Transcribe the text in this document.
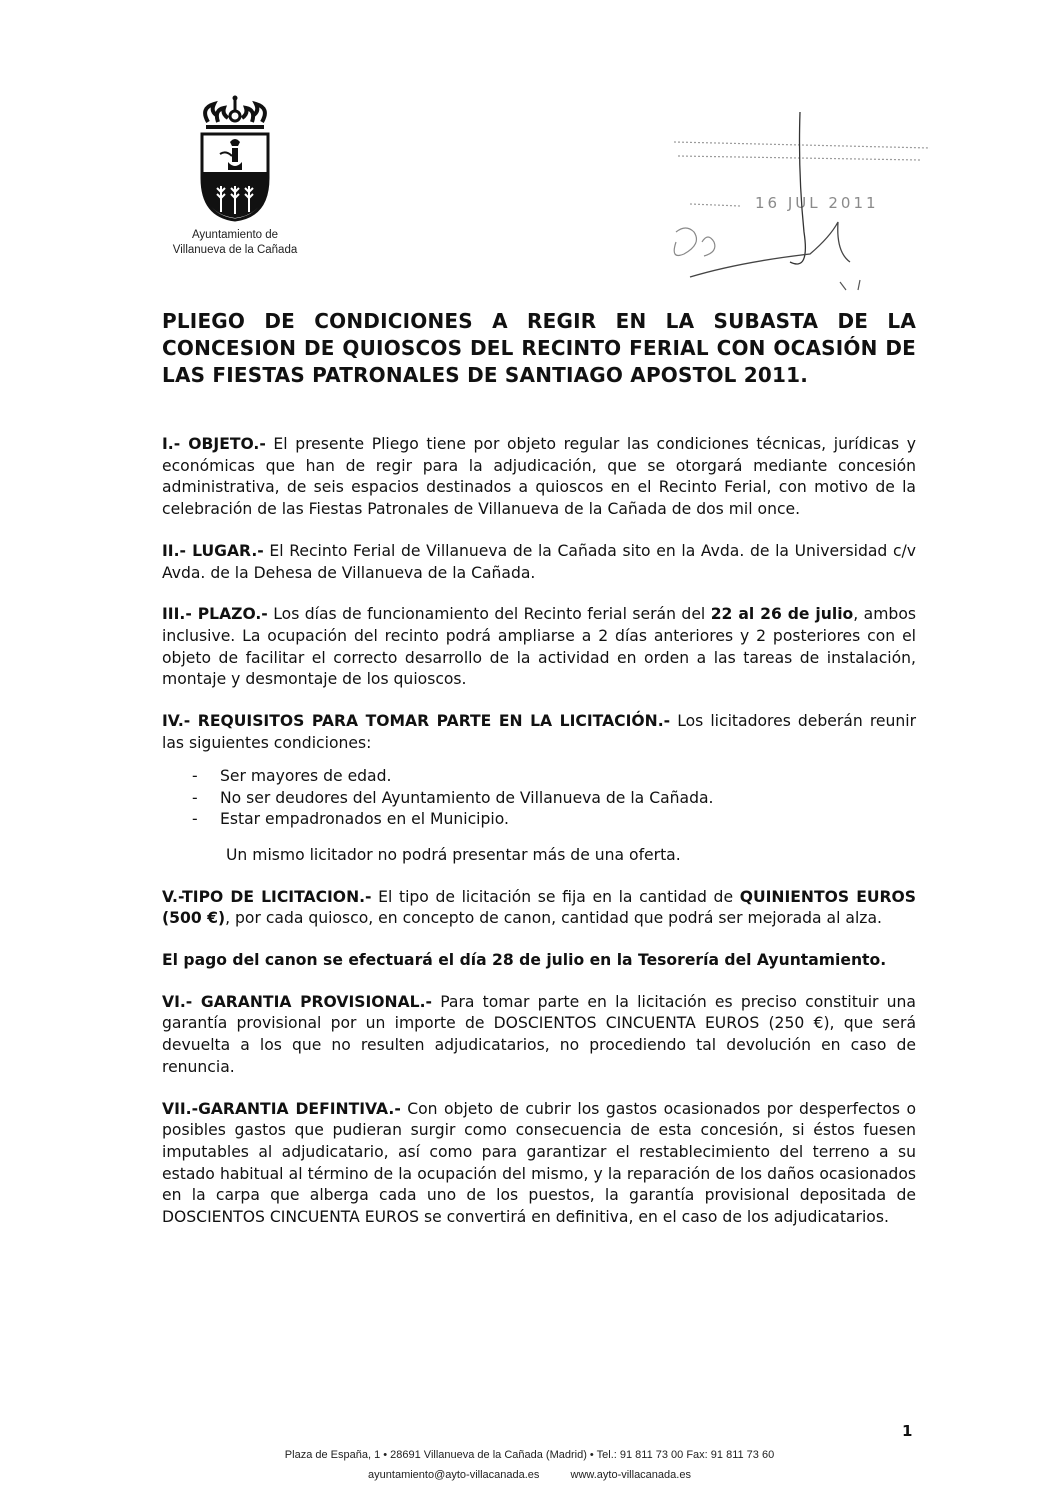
Ayuntamiento de
Villanueva de la Cañada
16 JUL 2011
PLIEGO DE CONDICIONES A REGIR EN LA SUBASTA DE LA CONCESION DE QUIOSCOS DEL RECINTO FERIAL CON OCASIÓN DE LAS FIESTAS PATRONALES DE SANTIAGO APOSTOL 2011.

I.- OBJETO.- El presente Pliego tiene por objeto regular las condiciones técnicas, jurídicas y económicas que han de regir para la adjudicación, que se otorgará mediante concesión administrativa, de seis espacios destinados a quioscos en el Recinto Ferial, con motivo de la celebración de las Fiestas Patronales de Villanueva de la Cañada de dos mil once.

II.- LUGAR.- El Recinto Ferial de Villanueva de la Cañada sito en la Avda. de la Universidad c/v Avda. de la Dehesa de Villanueva de la Cañada.

III.- PLAZO.- Los días de funcionamiento del Recinto ferial serán del 22 al 26 de julio, ambos inclusive. La ocupación del recinto podrá ampliarse a 2 días anteriores y 2 posteriores con el objeto de facilitar el correcto desarrollo de la actividad en orden a las tareas de instalación, montaje y desmontaje de los quioscos.

IV.- REQUISITOS PARA TOMAR PARTE EN LA LICITACIÓN.- Los licitadores deberán reunir las siguientes condiciones:

- Ser mayores de edad.
- No ser deudores del Ayuntamiento de Villanueva de la Cañada.
- Estar empadronados en el Municipio.

Un mismo licitador no podrá presentar más de una oferta.

V.-TIPO DE LICITACION.- El tipo de licitación se fija en la cantidad de QUINIENTOS EUROS (500 €), por cada quiosco, en concepto de canon, cantidad que podrá ser mejorada al alza.

El pago del canon se efectuará el día 28 de julio en la Tesorería del Ayuntamiento.

VI.- GARANTIA PROVISIONAL.- Para tomar parte en la licitación es preciso constituir una garantía provisional por un importe de DOSCIENTOS CINCUENTA EUROS (250 €), que será devuelta a los que no resulten adjudicatarios, no procediendo tal devolución en caso de renuncia.

VII.-GARANTIA DEFINTIVA.- Con objeto de cubrir los gastos ocasionados por desperfectos o posibles gastos que pudieran surgir como consecuencia de esta concesión, si éstos fuesen imputables al adjudicatario, así como para garantizar el restablecimiento del terreno a su estado habitual al término de la ocupación del mismo, y la reparación de los daños ocasionados en la carpa que alberga cada uno de los puestos, la garantía provisional depositada de DOSCIENTOS CINCUENTA EUROS se convertirá en definitiva, en el caso de los adjudicatarios.

1
Plaza de España, 1 • 28691 Villanueva de la Cañada (Madrid) • Tel.: 91 811 73 00 Fax: 91 811 73 60
ayuntamiento@ayto-villacanada.es	www.ayto-villacanada.es
